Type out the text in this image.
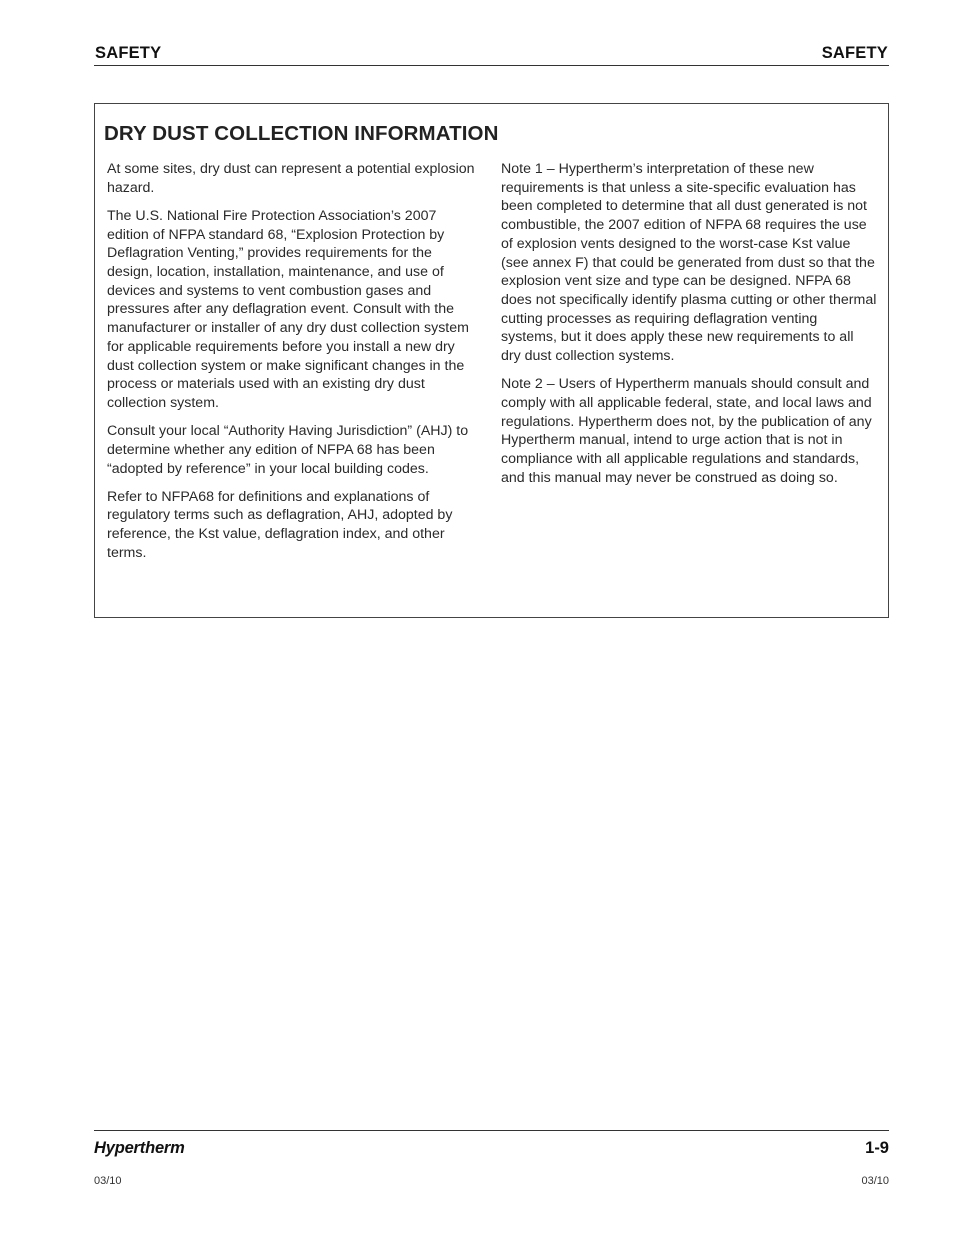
SAFETY	SAFETY
DRY DUST COLLECTION INFORMATION

At some sites, dry dust can represent a potential explosion hazard.

The U.S. National Fire Protection Association’s 2007 edition of NFPA standard 68, “Explosion Protection by Deflagration Venting,” provides requirements for the design, location, installation, maintenance, and use of devices and systems to vent combustion gases and pressures after any deflagration event. Consult with the manufacturer or installer of any dry dust collection system for applicable requirements before you install a new dry dust collection system or make significant changes in the process or materials used with an existing dry dust collection system.

Consult your local “Authority Having Jurisdiction” (AHJ) to determine whether any edition of NFPA 68 has been “adopted by reference” in your local building codes.

Refer to NFPA68 for definitions and explanations of regulatory terms such as deflagration, AHJ, adopted by reference, the Kst value, deflagration index, and other terms.

Note 1 – Hypertherm’s interpretation of these new requirements is that unless a site-specific evaluation has been completed to determine that all dust generated is not combustible, the 2007 edition of NFPA 68 requires the use of explosion vents designed to the worst-case Kst value (see annex F) that could be generated from dust so that the explosion vent size and type can be designed. NFPA 68 does not specifically identify plasma cutting or other thermal cutting processes as requiring deflagration venting systems, but it does apply these new requirements to all dry dust collection systems.

Note 2 – Users of Hypertherm manuals should consult and comply with all applicable federal, state, and local laws and regulations. Hypertherm does not, by the publication of any Hypertherm manual, intend to urge action that is not in compliance with all applicable regulations and standards, and this manual may never be construed as doing so.

Hypertherm	1-9
03/10	03/10
